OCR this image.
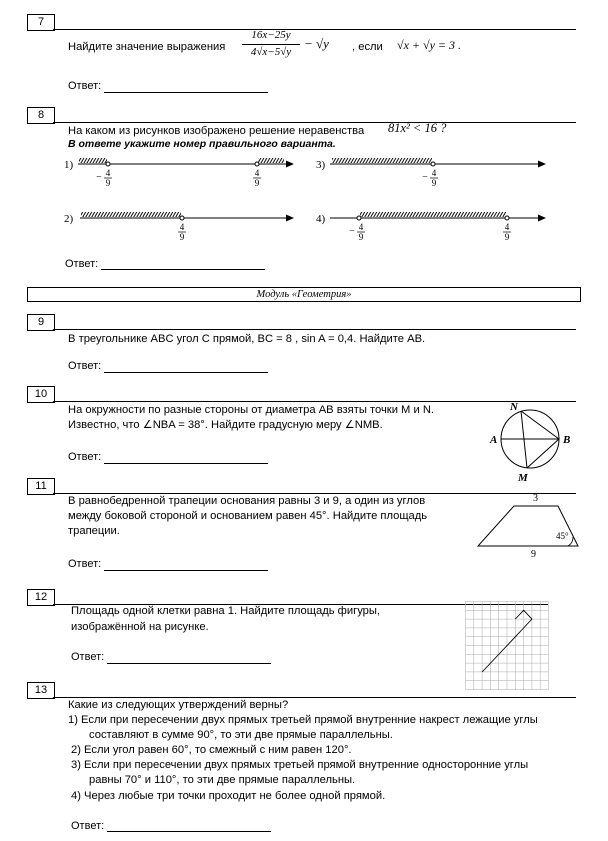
7
Найдите значение выражения
16x−25y
4√x−5√y
− √y , если √x + √y = 3 .
Ответ:
8
На каком из рисунков изображено решение неравенства 81x² < 16 ?
В ответе укажите номер правильного варианта.
1)
− 4
9
4
9
3)
− 4
9
2)
4
9
4)
− 4
9
4
9
Ответ:
Модуль «Геометрия»
9
В треугольнике ABC угол C прямой, BC = 8 , sin A = 0,4. Найдите AB.
Ответ:
10
На окружности по разные стороны от диаметра AB взяты точки M и N.
Известно, что ∠NBA = 38°. Найдите градусную меру ∠NMB.
N
A	B
M
Ответ:
11
В равнобедренной трапеции основания равны 3 и 9, а один из углов
между боковой стороной и основанием равен 45°. Найдите площадь
трапеции.
3
9
45°
Ответ:
12
Площадь одной клетки равна 1. Найдите площадь фигуры,
изображённой на рисунке.
Ответ:
13
Какие из следующих утверждений верны?
1) Если при пересечении двух прямых третьей прямой внутренние накрест лежащие углы
составляют в сумме 90°, то эти две прямые параллельны.
2) Если угол равен 60°, то смежный с ним равен 120°.
3) Если при пересечении двух прямых третьей прямой внутренние односторонние углы
равны 70° и 110°, то эти две прямые параллельны.
4) Через любые три точки проходит не более одной прямой.
Ответ:
